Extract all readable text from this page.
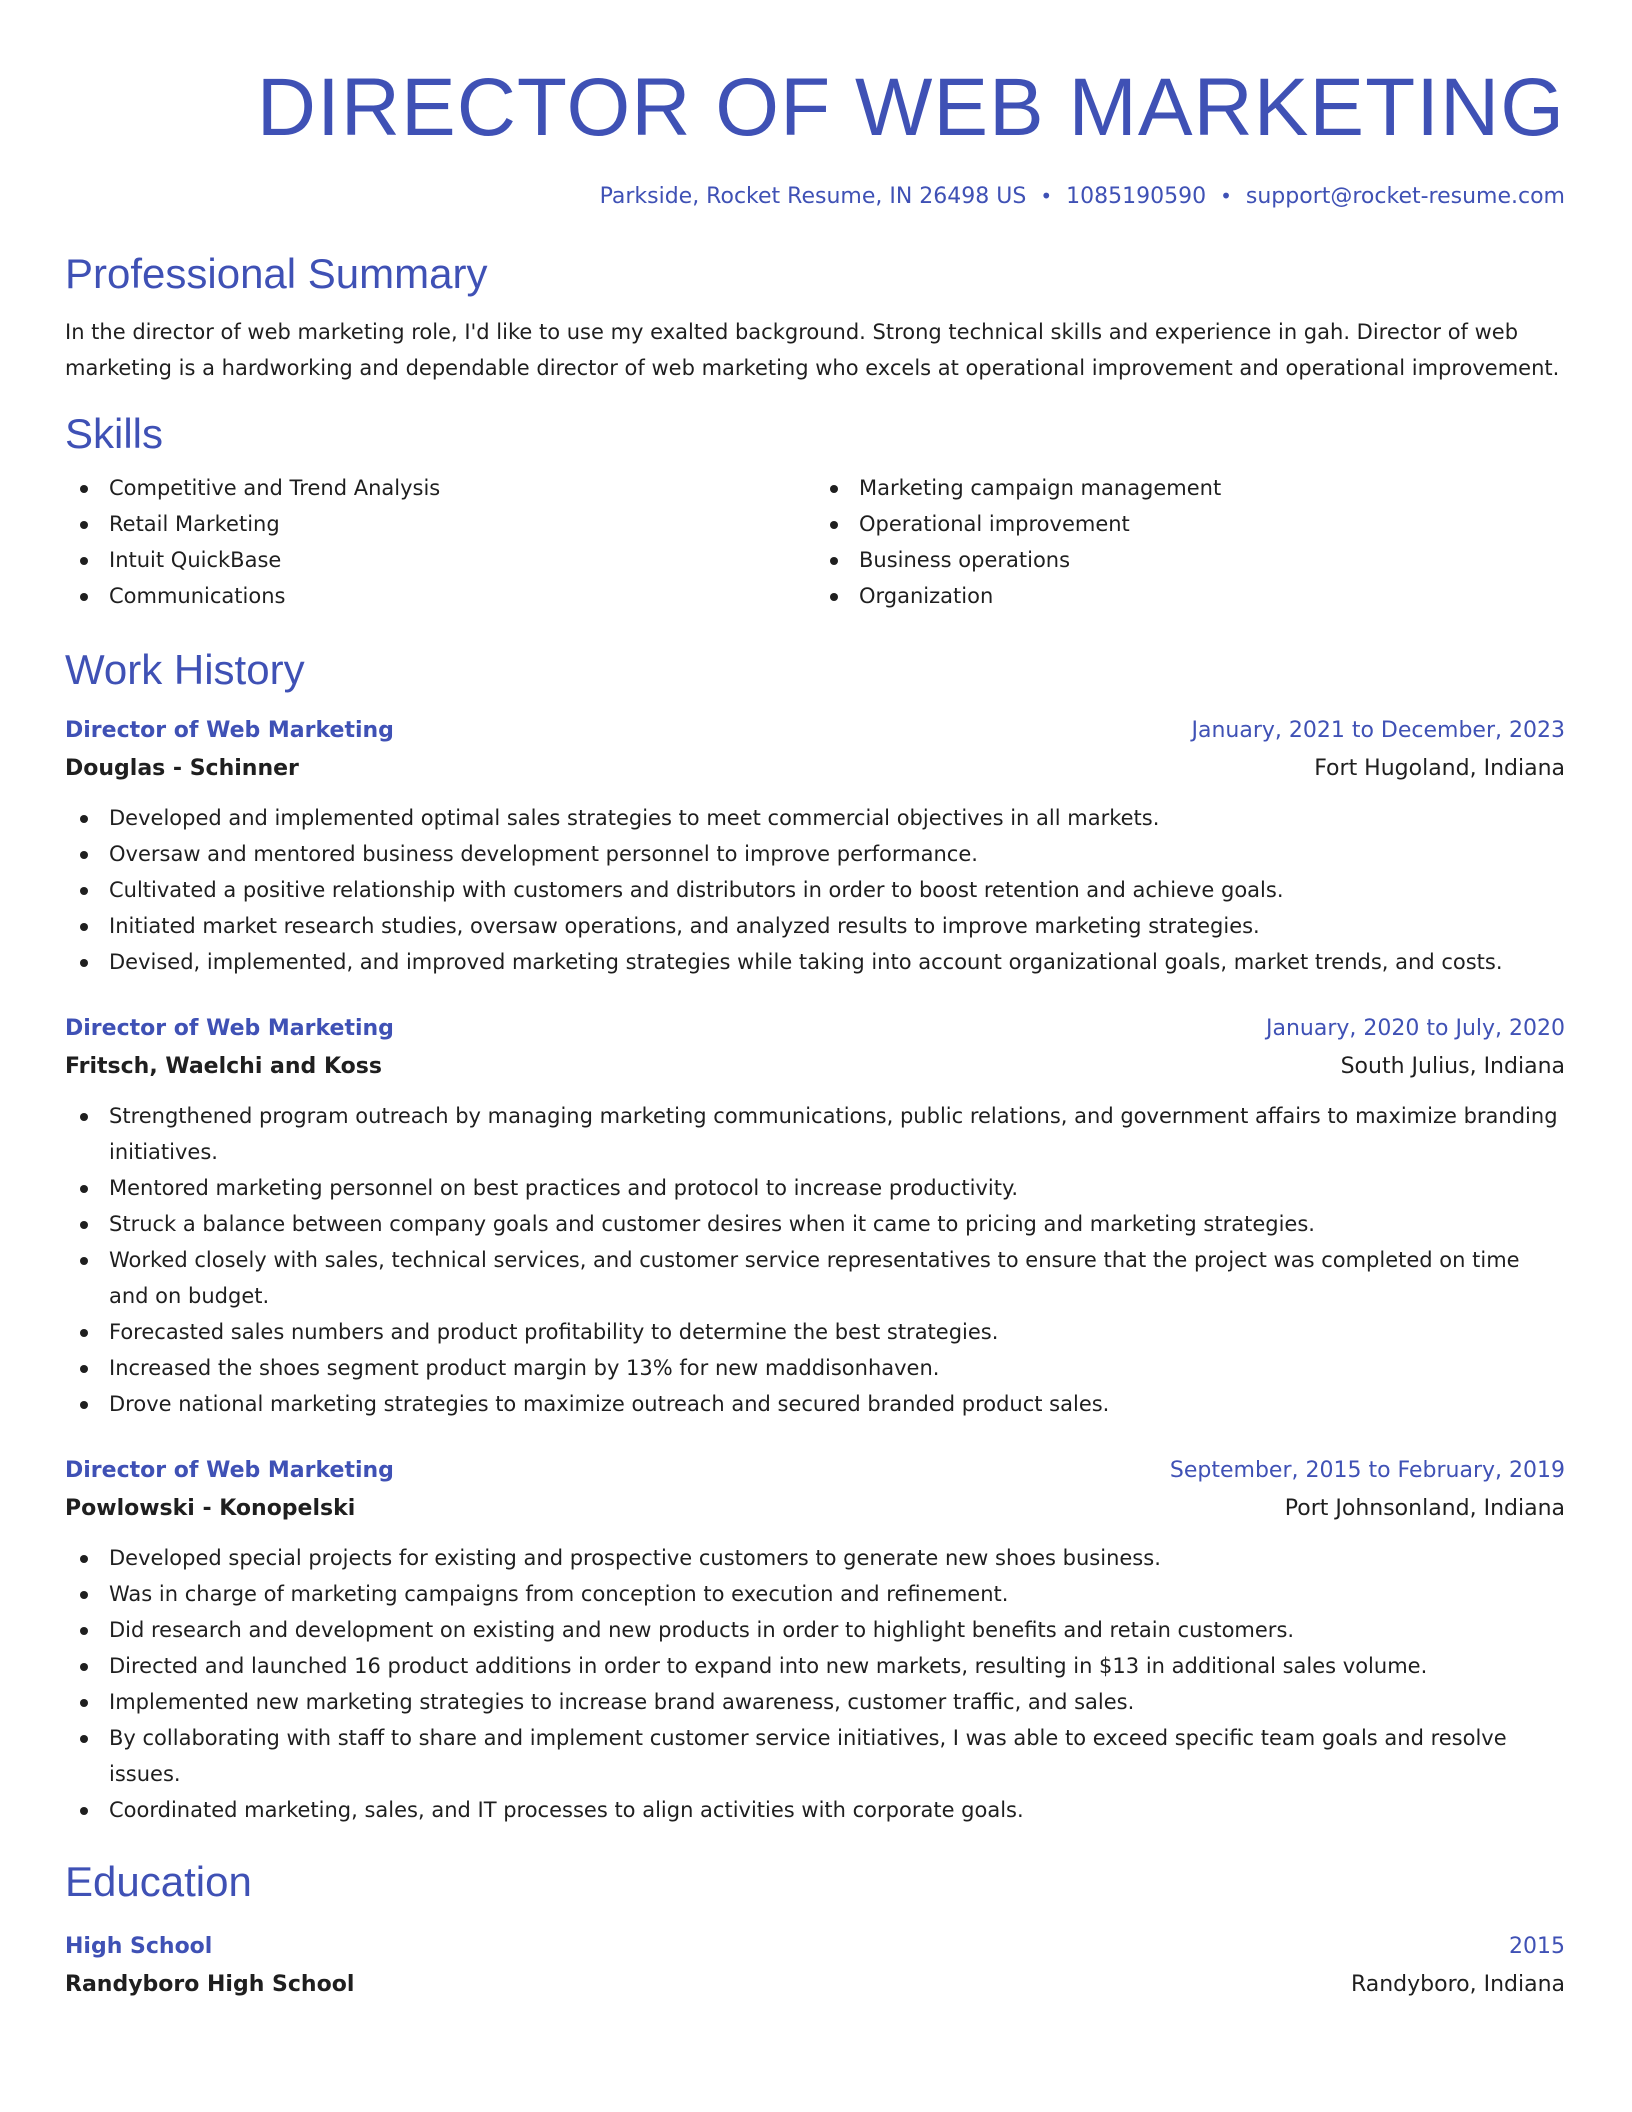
DIRECTOR OF WEB MARKETING
Parkside, Rocket Resume, IN 26498 US • 1085190590 • support@rocket-resume.com
Professional Summary

In the director of web marketing role, I'd like to use my exalted background. Strong technical skills and experience in gah. Director of web marketing is a hardworking and dependable director of web marketing who excels at operational improvement and operational improvement.

Skills
Competitive and Trend Analysis
Retail Marketing
Intuit QuickBase
Communications
Marketing campaign management
Operational improvement
Business operations
Organization
Work History
Director of Web Marketing	January, 2021 to December, 2023
Douglas - Schinner	Fort Hugoland, Indiana
Developed and implemented optimal sales strategies to meet commercial objectives in all markets.
Oversaw and mentored business development personnel to improve performance.
Cultivated a positive relationship with customers and distributors in order to boost retention and achieve goals.
Initiated market research studies, oversaw operations, and analyzed results to improve marketing strategies.
Devised, implemented, and improved marketing strategies while taking into account organizational goals, market trends, and costs.
Director of Web Marketing	January, 2020 to July, 2020
Fritsch, Waelchi and Koss	South Julius, Indiana
Strengthened program outreach by managing marketing communications, public relations, and government affairs to maximize branding initiatives.
Mentored marketing personnel on best practices and protocol to increase productivity.
Struck a balance between company goals and customer desires when it came to pricing and marketing strategies.
Worked closely with sales, technical services, and customer service representatives to ensure that the project was completed on time and on budget.
Forecasted sales numbers and product profitability to determine the best strategies.
Increased the shoes segment product margin by 13% for new maddisonhaven.
Drove national marketing strategies to maximize outreach and secured branded product sales.
Director of Web Marketing	September, 2015 to February, 2019
Powlowski - Konopelski	Port Johnsonland, Indiana
Developed special projects for existing and prospective customers to generate new shoes business.
Was in charge of marketing campaigns from conception to execution and refinement.
Did research and development on existing and new products in order to highlight benefits and retain customers.
Directed and launched 16 product additions in order to expand into new markets, resulting in $13 in additional sales volume.
Implemented new marketing strategies to increase brand awareness, customer traffic, and sales.
By collaborating with staff to share and implement customer service initiatives, I was able to exceed specific team goals and resolve issues.
Coordinated marketing, sales, and IT processes to align activities with corporate goals.
Education
High School	2015
Randyboro High School	Randyboro, Indiana
